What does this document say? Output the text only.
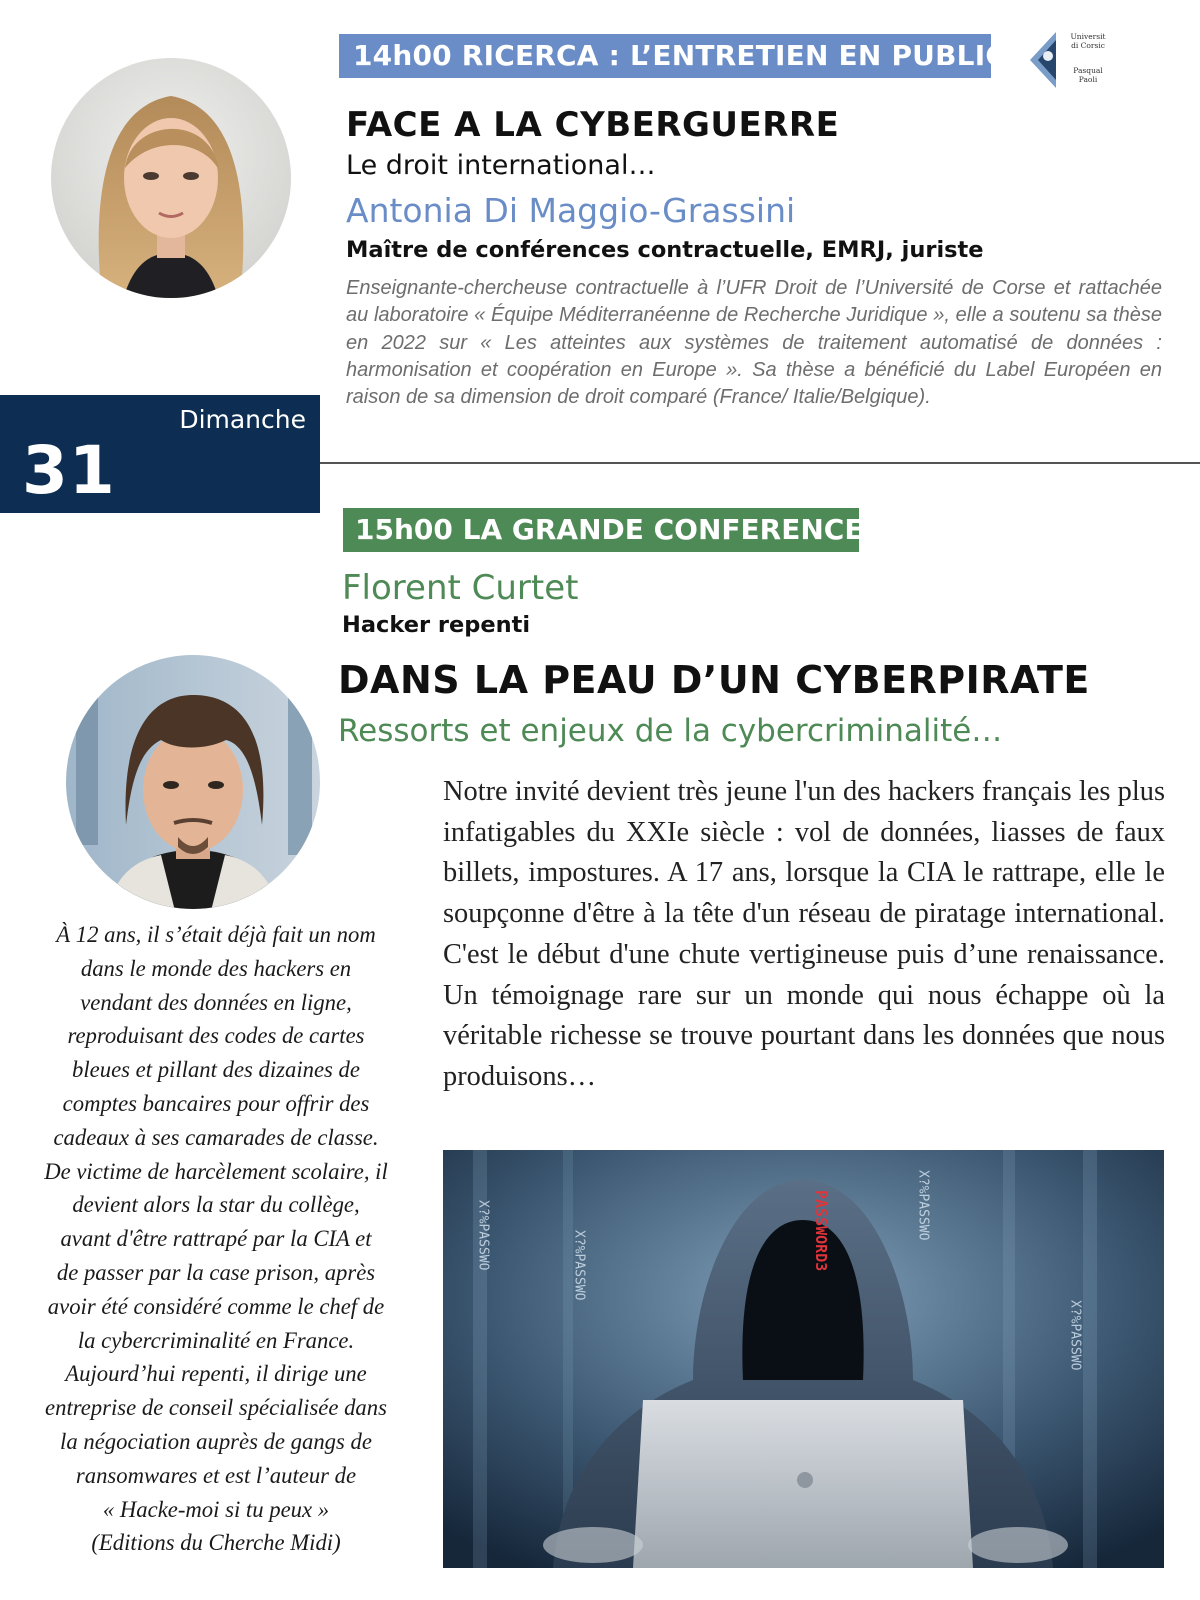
14h00 RICERCA : L’ENTRETIEN EN PUBLIC
Universit
di Corsic
Pasqual
Paoli
FACE A LA CYBERGUERRE
Le droit international…
Antonia Di Maggio-Grassini
Maître de conférences contractuelle, EMRJ, juriste
Enseignante-chercheuse contractuelle à l’UFR Droit de l’Université de Corse et rattachée au laboratoire « Équipe Méditerranéenne de Recherche Juridique », elle a soutenu sa thèse en 2022 sur « Les atteintes aux systèmes de traitement automatisé de données : harmonisation et coopération en Europe ». Sa thèse a bénéficié du Label Européen en raison de sa dimension de droit comparé (France/ Italie/Belgique).
Dimanche
31 mars	15h00 LA GRANDE CONFERENCE
Florent Curtet
Hacker repenti
DANS LA PEAU D’UN CYBERPIRATE
Ressorts et enjeux de la cybercriminalité…
Notre invité devient très jeune l'un des hackers français les plus infatigables du XXIe siècle : vol de données, liasses de faux billets, impostures. A 17 ans, lorsque la CIA le rattrape, elle le soupçonne d'être à la tête d'un réseau de piratage international. C'est le début d'une chute vertigineuse puis d’une renaissance. Un témoignage rare sur un monde qui nous échappe où la véritable richesse se trouve pourtant dans les données que nous produisons…
À 12 ans, il s’était déjà fait un nom
dans le monde des hackers en
vendant des données en ligne,
reproduisant des codes de cartes
bleues et pillant des dizaines de
comptes bancaires pour offrir des
cadeaux à ses camarades de classe.
De victime de harcèlement scolaire, il
devient alors la star du collège,
avant d'être rattrapé par la CIA et
de passer par la case prison, après
avoir été considéré comme le chef de
la cybercriminalité en France.
Aujourd’hui repenti, il dirige une
entreprise de conseil spécialisée dans
la négociation auprès de gangs de
ransomwares et est l’auteur de
« Hacke-moi si tu peux »
(Editions du Cherche Midi)
X?%PASSWO	X?%PASSWO
X?%PASSWO
X?%PASSWO
PASSWORD3
